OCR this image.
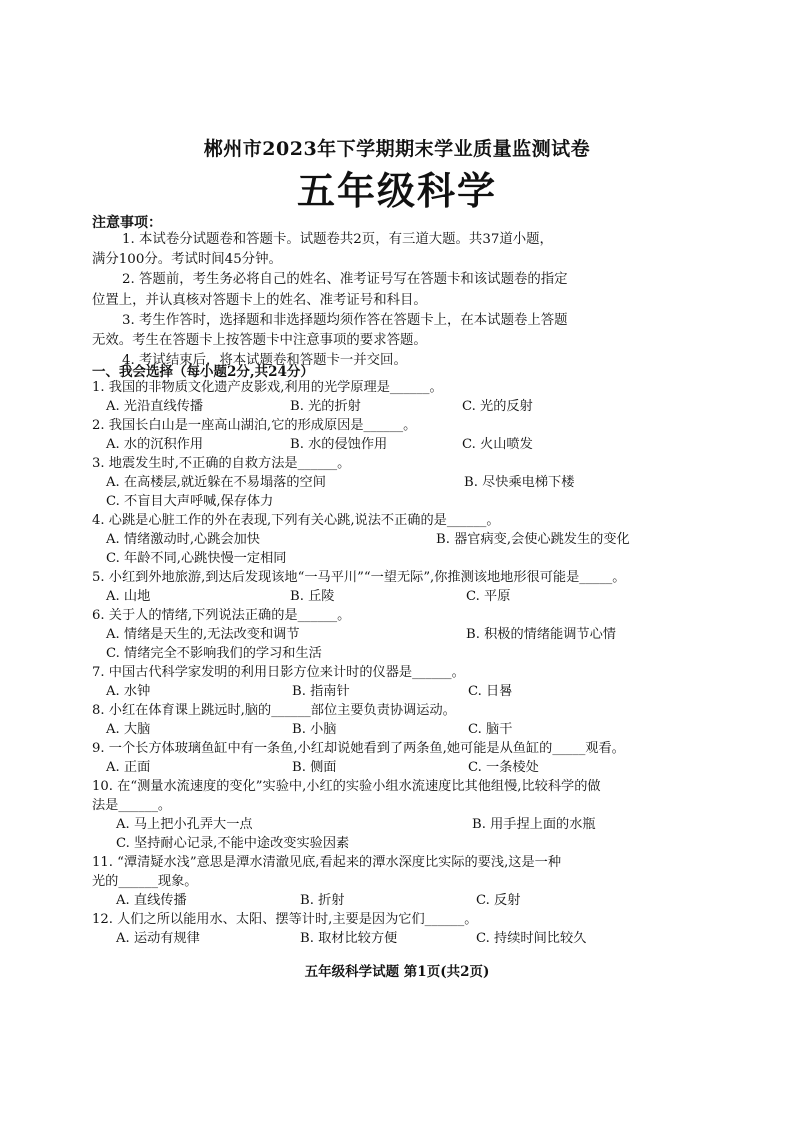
郴州市2023年下学期期末学业质量监测试卷
五年级科学
注意事项：
1. 本试卷分试题卷和答题卡。试题卷共2页，有三道大题。共37道小题，
满分100分。考试时间45分钟。
2. 答题前，考生务必将自己的姓名、准考证号写在答题卡和该试题卷的指定
位置上，并认真核对答题卡上的姓名、准考证号和科目。
3. 考生作答时，选择题和非选择题均须作答在答题卡上，在本试题卷上答题
无效。考生在答题卡上按答题卡中注意事项的要求答题。
4. 考试结束后，将本试题卷和答题卡一并交回。
一、我会选择（每小题2分,共24分）
1. 我国的非物质文化遗产皮影戏,利用的光学原理是______。
A. 光沿直线传播	B. 光的折射	C. 光的反射
2. 我国长白山是一座高山湖泊,它的形成原因是______。
A. 水的沉积作用	B. 水的侵蚀作用	C. 火山喷发
3. 地震发生时,不正确的自救方法是______。
A. 在高楼层,就近躲在不易塌落的空间	B. 尽快乘电梯下楼
C. 不盲目大声呼喊,保存体力
4. 心跳是心脏工作的外在表现,下列有关心跳,说法不正确的是______。
A. 情绪激动时,心跳会加快	B. 器官病变,会使心跳发生的变化
C. 年龄不同,心跳快慢一定相同
5. 小红到外地旅游,到达后发现该地“一马平川”“一望无际”,你推测该地地形很可能是_____。
A. 山地	B. 丘陵	C. 平原
6. 关于人的情绪,下列说法正确的是______。
A. 情绪是天生的,无法改变和调节	B. 积极的情绪能调节心情
C. 情绪完全不影响我们的学习和生活
7. 中国古代科学家发明的利用日影方位来计时的仪器是______。
A. 水钟	B. 指南针	C. 日晷
8. 小红在体育课上跳远时,脑的______部位主要负责协调运动。
A. 大脑	B. 小脑	C. 脑干
9. 一个长方体玻璃鱼缸中有一条鱼,小红却说她看到了两条鱼,她可能是从鱼缸的_____观看。
A. 正面	B. 侧面	C. 一条棱处
10. 在“测量水流速度的变化”实验中,小红的实验小组水流速度比其他组慢,比较科学的做
法是______。
A. 马上把小孔弄大一点	B. 用手捏上面的水瓶
C. 坚持耐心记录,不能中途改变实验因素
11. “潭清疑水浅”意思是潭水清澈见底,看起来的潭水深度比实际的要浅,这是一种
光的______现象。
A. 直线传播	B. 折射	C. 反射
12. 人们之所以能用水、太阳、摆等计时,主要是因为它们______。
A. 运动有规律	B. 取材比较方便	C. 持续时间比较久
五年级科学试题 第1页(共2页)
